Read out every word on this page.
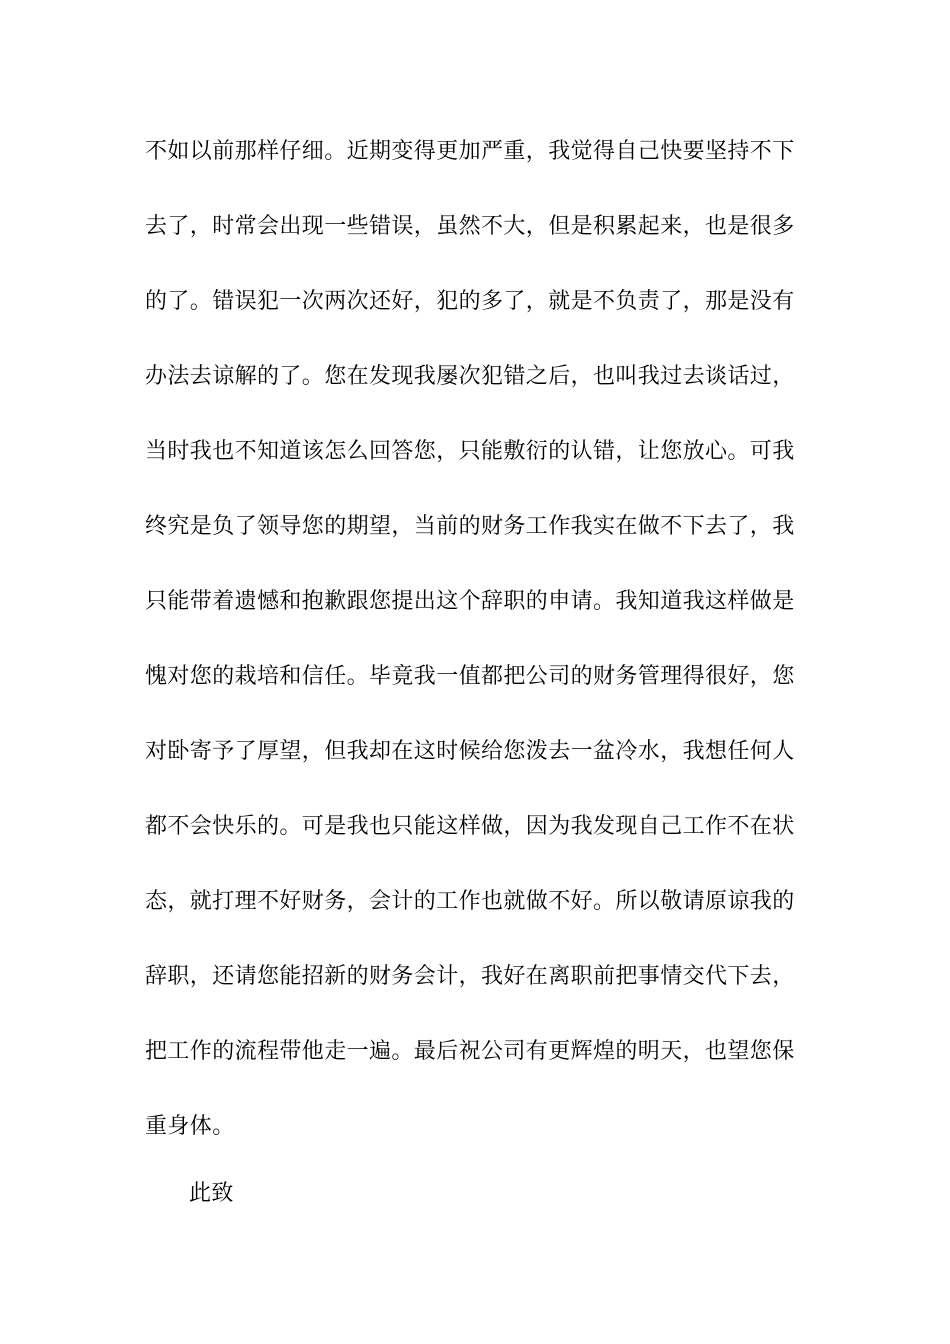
不如以前那样仔细。近期变得更加严重，我觉得自己快要坚持不下
去了，时常会出现一些错误，虽然不大，但是积累起来，也是很多
的了。错误犯一次两次还好，犯的多了，就是不负责了，那是没有
办法去谅解的了。您在发现我屡次犯错之后，也叫我过去谈话过，
当时我也不知道该怎么回答您，只能敷衍的认错，让您放心。可我
终究是负了领导您的期望，当前的财务工作我实在做不下去了，我
只能带着遗憾和抱歉跟您提出这个辞职的申请。我知道我这样做是
愧对您的栽培和信任。毕竟我一值都把公司的财务管理得很好，您
对卧寄予了厚望，但我却在这时候给您泼去一盆冷水，我想任何人
都不会快乐的。可是我也只能这样做，因为我发现自己工作不在状
态，就打理不好财务，会计的工作也就做不好。所以敬请原谅我的
辞职，还请您能招新的财务会计，我好在离职前把事情交代下去，
把工作的流程带他走一遍。最后祝公司有更辉煌的明天，也望您保
重身体。
此致
